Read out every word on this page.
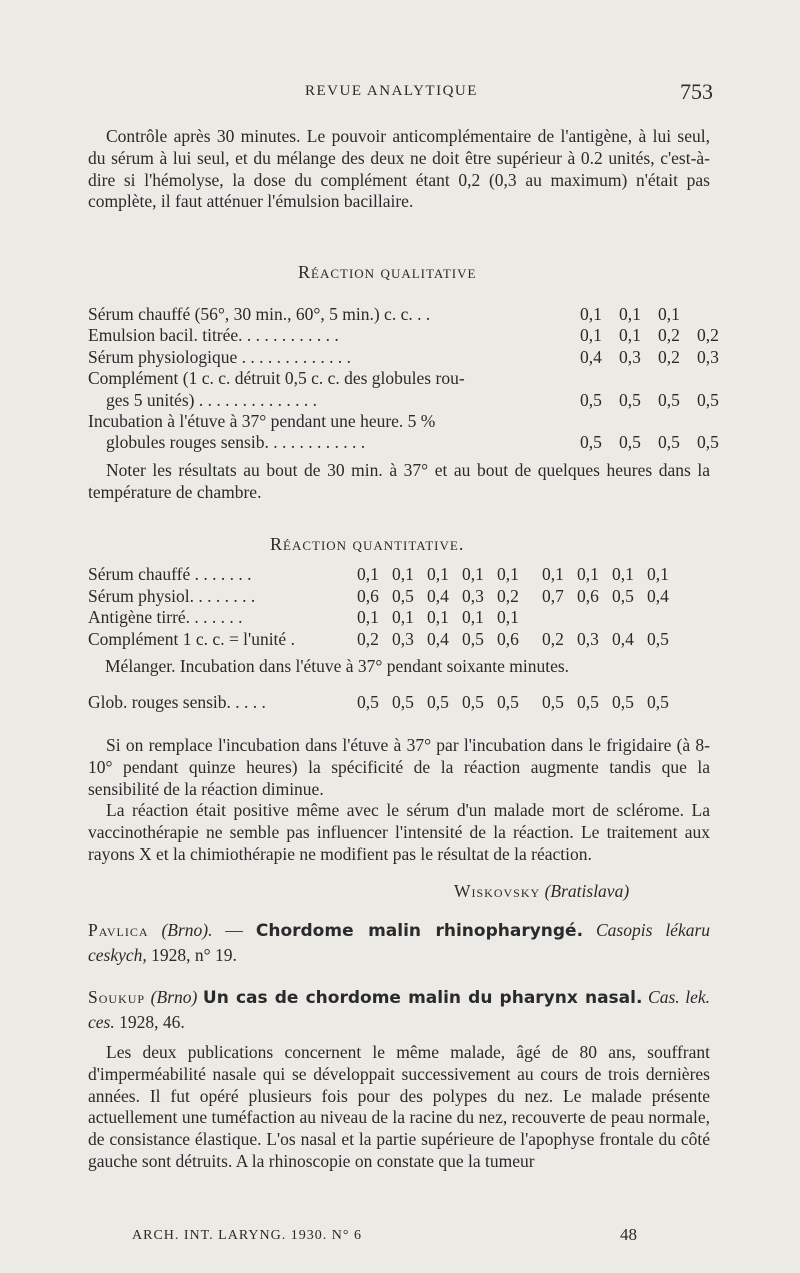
REVUE ANALYTIQUE	753
Contrôle après 30 minutes. Le pouvoir anticomplémentaire de l'antigène, à lui seul, du sérum à lui seul, et du mélange des deux ne doit être supérieur à 0.2 unités, c'est-à-dire si l'hémolyse, la dose du complément étant 0,2 (0,3 au maximum) n'était pas complète, il faut atténuer l'émulsion bacillaire.
Réaction qualitative
Sérum chauffé (56°, 30 min., 60°, 5 min.) c. c. . .	0,1 0,1 0,1
Emulsion bacil. titrée. . . . . . . . . . . .	0,1 0,1 0,2 0,2
Sérum physiologique . . . . . . . . . . . . .	0,4 0,3 0,2 0,3
Complément (1 c. c. détruit 0,5 c. c. des globules rou-
ges 5 unités) . . . . . . . . . . . . . .	0,5 0,5 0,5 0,5
Incubation à l'étuve à 37° pendant une heure. 5 %
globules rouges sensib. . . . . . . . . . . .	0,5 0,5 0,5 0,5
Noter les résultats au bout de 30 min. à 37° et au bout de quelques heures dans la température de chambre.
Réaction quantitative.
Sérum chauffé . . . . . . .	0,1 0,1 0,1 0,1 0,1 0,1 0,1 0,1 0,1
Sérum physiol. . . . . . . .	0,6 0,5 0,4 0,3 0,2 0,7 0,6 0,5 0,4
Antigène tirré. . . . . . .	0,1 0,1 0,1 0,1 0,1
Complément 1 c. c. = l'unité .	0,2 0,3 0,4 0,5 0,6 0,2 0,3 0,4 0,5
Mélanger. Incubation dans l'étuve à 37° pendant soixante minutes.
Glob. rouges sensib. . . . .	0,5 0,5 0,5 0,5 0,5 0,5 0,5 0,5 0,5
Si on remplace l'incubation dans l'étuve à 37° par l'incubation dans le frigidaire (à 8-10° pendant quinze heures) la spécificité de la réaction augmente tandis que la sensibilité de la réaction diminue.
La réaction était positive même avec le sérum d'un malade mort de sclérome. La vaccinothérapie ne semble pas influencer l'intensité de la réaction. Le traitement aux rayons X et la chimiothérapie ne modifient pas le résultat de la réaction.
Wiskovsky (Bratislava)
Pavlica (Brno). — Chordome malin rhinopharyngé. Casopis lékaru ceskych, 1928, n° 19.
Soukup (Brno) Un cas de chordome malin du pharynx nasal. Cas. lek. ces. 1928, 46.
Les deux publications concernent le même malade, âgé de 80 ans, souffrant d'imperméabilité nasale qui se développait successivement au cours de trois dernières années. Il fut opéré plusieurs fois pour des polypes du nez. Le malade présente actuellement une tuméfaction au niveau de la racine du nez, recouverte de peau normale, de consistance élastique. L'os nasal et la partie supérieure de l'apophyse frontale du côté gauche sont détruits. A la rhinoscopie on constate que la tumeur
ARCH. INT. LARYNG. 1930. N° 6	48
